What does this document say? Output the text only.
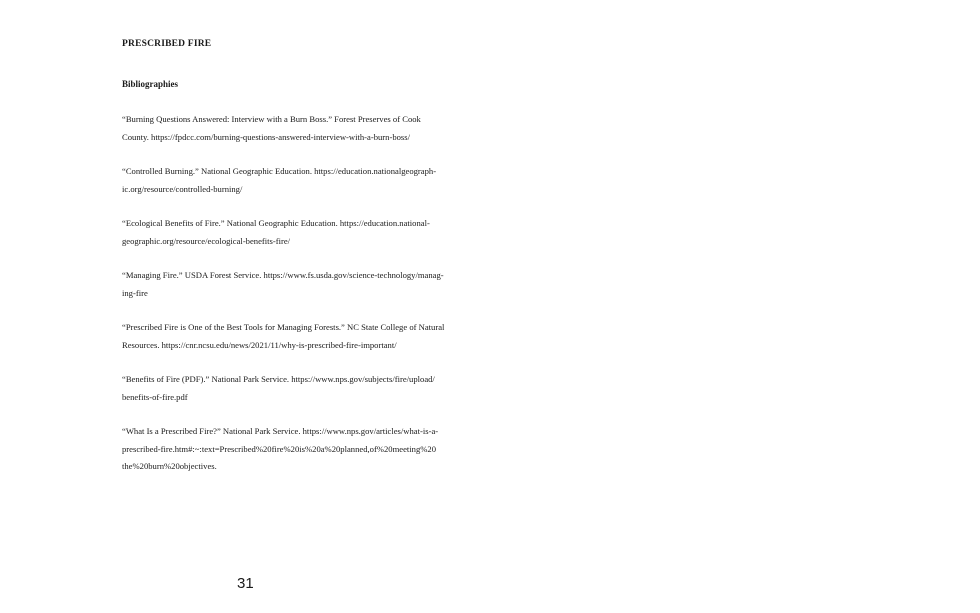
PRESCRIBED FIRE
Bibliographies
“Burning Questions Answered: Interview with a Burn Boss.” Forest Preserves of Cook
County. https://fpdcc.com/burning-questions-answered-interview-with-a-burn-boss/
“Controlled Burning.” National Geographic Education. https://education.nationalgeograph-
ic.org/resource/controlled-burning/
“Ecological Benefits of Fire.” National Geographic Education. https://education.national-
geographic.org/resource/ecological-benefits-fire/
“Managing Fire.” USDA Forest Service. https://www.fs.usda.gov/science-technology/manag-
ing-fire
“Prescribed Fire is One of the Best Tools for Managing Forests.” NC State College of Natural
Resources. https://cnr.ncsu.edu/news/2021/11/why-is-prescribed-fire-important/
“Benefits of Fire (PDF).” National Park Service. https://www.nps.gov/subjects/fire/upload/
benefits-of-fire.pdf
“What Is a Prescribed Fire?” National Park Service. https://www.nps.gov/articles/what-is-a-
prescribed-fire.htm#:~:text=Prescribed%20fire%20is%20a%20planned,of%20meeting%20
the%20burn%20objectives.
31
